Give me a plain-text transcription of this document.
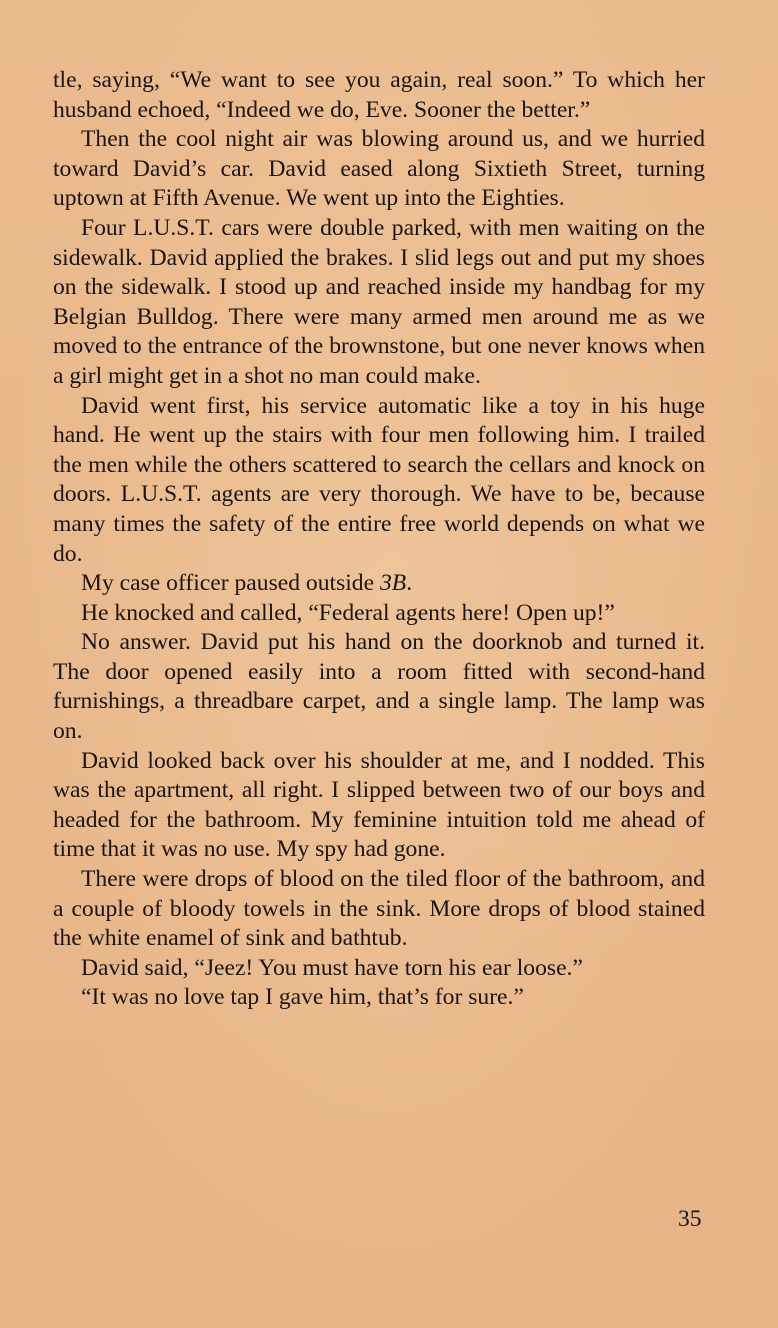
tle, saying, “We want to see you again, real soon.” To which her husband echoed, “Indeed we do, Eve. Sooner the better.”

Then the cool night air was blowing around us, and we hurried toward David’s car. David eased along Sixtieth Street, turning uptown at Fifth Avenue. We went up into the Eighties.

Four L.U.S.T. cars were double parked, with men waiting on the sidewalk. David applied the brakes. I slid legs out and put my shoes on the sidewalk. I stood up and reached inside my handbag for my Belgian Bulldog. There were many armed men around me as we moved to the entrance of the brownstone, but one never knows when a girl might get in a shot no man could make.

David went first, his service automatic like a toy in his huge hand. He went up the stairs with four men following him. I trailed the men while the others scattered to search the cellars and knock on doors. L.U.S.T. agents are very thorough. We have to be, because many times the safety of the entire free world depends on what we do.

My case officer paused outside 3B.

He knocked and called, “Federal agents here! Open up!”

No answer. David put his hand on the doorknob and turned it. The door opened easily into a room fitted with second-hand furnishings, a threadbare carpet, and a single lamp. The lamp was on.

David looked back over his shoulder at me, and I nodded. This was the apartment, all right. I slipped between two of our boys and headed for the bathroom. My feminine intuition told me ahead of time that it was no use. My spy had gone.

There were drops of blood on the tiled floor of the bathroom, and a couple of bloody towels in the sink. More drops of blood stained the white enamel of sink and bathtub.

David said, “Jeez! You must have torn his ear loose.”

“It was no love tap I gave him, that’s for sure.”

35
